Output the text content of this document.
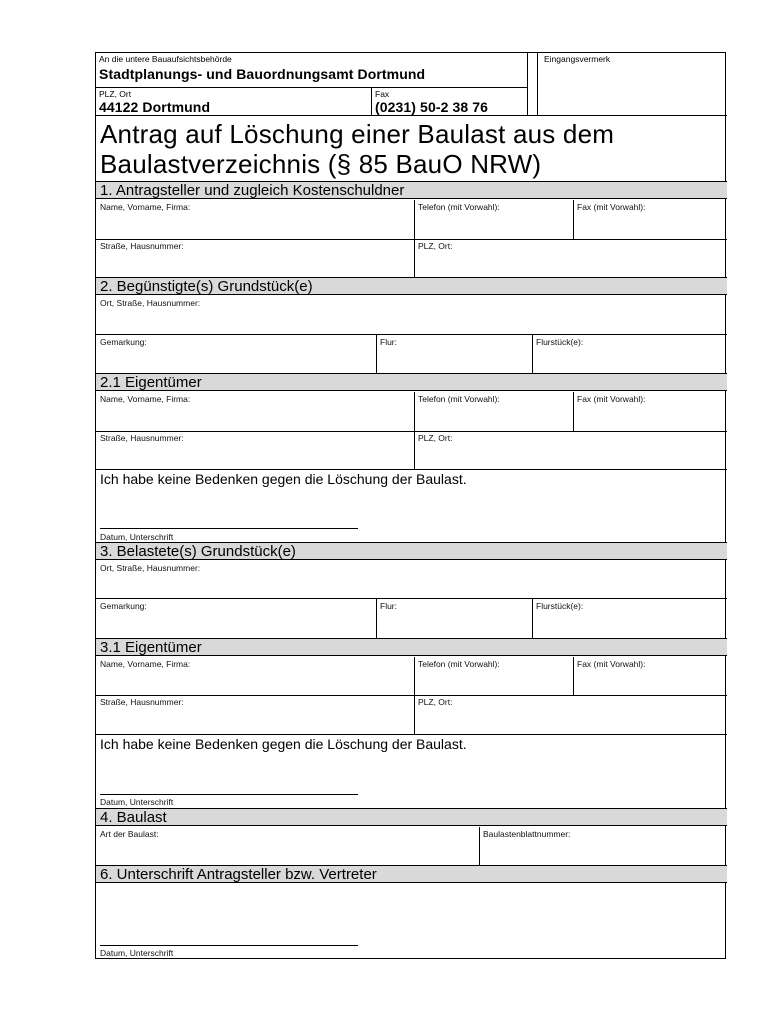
An die untere Bauaufsichtsbehörde
Stadtplanungs- und Bauordnungsamt Dortmund
PLZ, Ort
44122 Dortmund
Fax
(0231) 50-2 38 76
Eingangsvermerk
Antrag auf Löschung einer Baulast aus dem
Baulastverzeichnis (§ 85 BauO NRW)
1. Antragsteller und zugleich Kostenschuldner
Name, Vorname, Firma:	Telefon (mit Vorwahl):	Fax (mit Vorwahl):
Straße, Hausnummer:	PLZ, Ort:
2. Begünstigte(s) Grundstück(e)
Ort, Straße, Hausnummer:
Gemarkung:	Flur:	Flurstück(e):
2.1 Eigentümer
Name, Vorname, Firma:	Telefon (mit Vorwahl):	Fax (mit Vorwahl):
Straße, Hausnummer:	PLZ, Ort:
Ich habe keine Bedenken gegen die Löschung der Baulast.
Datum, Unterschrift
3. Belastete(s) Grundstück(e)
Ort, Straße, Hausnummer:
Gemarkung:	Flur:	Flurstück(e):
3.1 Eigentümer
Name, Vorname, Firma:	Telefon (mit Vorwahl):	Fax (mit Vorwahl):
Straße, Hausnummer:	PLZ, Ort:
Ich habe keine Bedenken gegen die Löschung der Baulast.
Datum, Unterschrift
4. Baulast
Art der Baulast:	Baulastenblattnummer:
6. Unterschrift Antragsteller bzw. Vertreter
Datum, Unterschrift
